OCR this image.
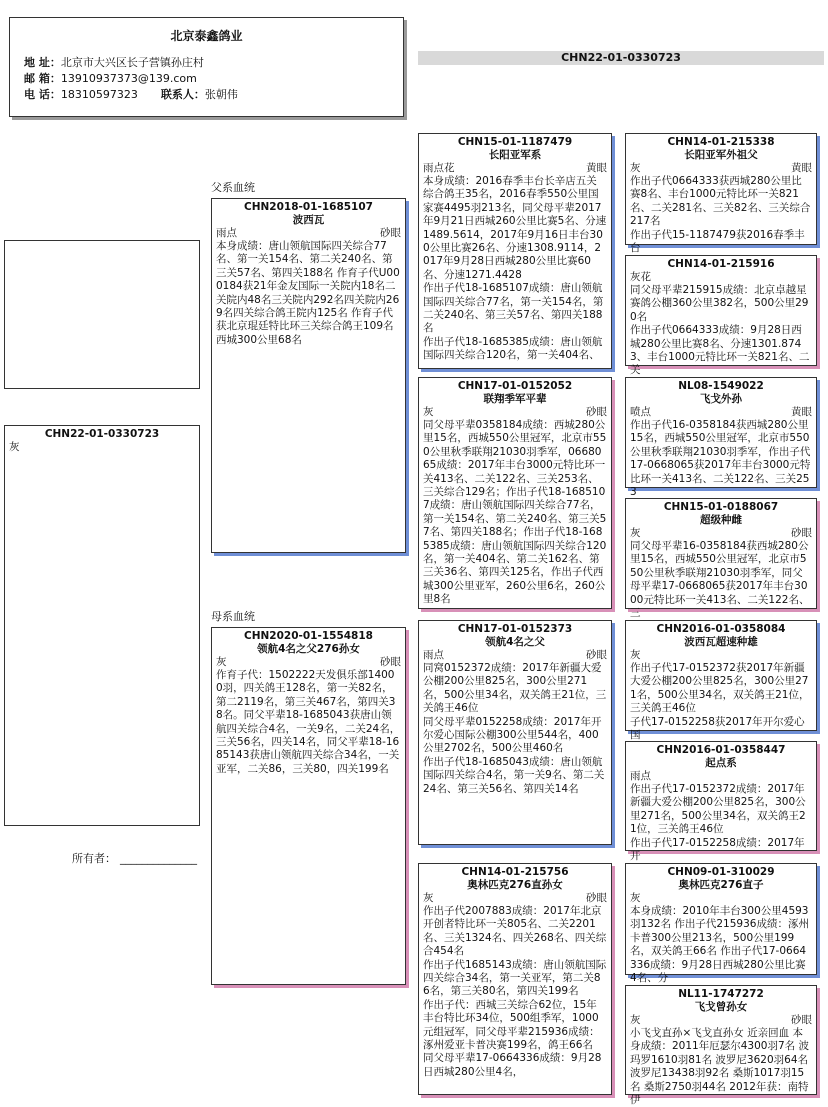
北京泰鑫鸽业
地 址：北京市大兴区长子营镇孙庄村
邮 箱：13910937373@139.com
电 话：18310597323 联系人：张朝伟
CHN22-01-0330723
CHN22-01-0330723
灰
所有者： ______________
父系血统
母系血统
CHN2018-01-1685107
波西瓦
雨点	砂眼
本身成绩：唐山领航国际四关综合77名、第一关154名、第二关240名、第三关57名、第四关188名 作育子代U000184获21年金友国际一关院内18名二关院内48名三关院内292名四关院内269名四关综合鸽王院内125名 作育子代获北京琨廷特比环三关综合鸽王109名 西城300公里68名
CHN2020-01-1554818
领航4名之父276孙女
灰	砂眼
作育子代：1502222天发俱乐部14000羽，四关鸽王128名，第一关82名，第二2119名，第三关467名，第四关38名。同父平辈18-1685043获唐山领航四关综合4名，一关9名，二关24名，三关56名，四关14名，同父平辈18-1685143获唐山领航四关综合34名，一关亚军，二关86，三关80，四关199名
CHN15-01-1187479
长阳亚军系
雨点花	黄眼
本身成绩：2016春季丰台长辛店五关综合鸽王35名，2016春季550公里国家赛4495羽213名，同父母平辈2017年9月21日西城260公里比赛5名、分速1489.5614，2017年9月16日丰台300公里比赛26名、分速1308.9114，2017年9月28日西城280公里比赛60名、分速1271.4428
作出子代18-1685107成绩：唐山领航国际四关综合77名，第一关154名，第二关240名、第三关57名、第四关188名
作出子代18-1685385成绩：唐山领航国际四关综合120名，第一关404名、
CHN17-01-0152052
联翔季军平辈
灰	砂眼
同父母平辈0358184成绩：西城280公里15名，西城550公里冠军，北京市550公里秋季联翔21030羽季军，0668065成绩：2017年丰台3000元特比环一关413名、二关122名、三关253名、三关综合129名；作出子代18-1685107成绩：唐山领航国际四关综合77名，第一关154名、第二关240名、第三关57名、第四关188名；作出子代18-1685385成绩：唐山领航国际四关综合120名，第一关404名、第二关162名、第三关36名、第四关125名，作出子代西城300公里亚军，260公里6名，260公里8名
CHN17-01-0152373
领航4名之父
雨点	砂眼
同窝0152372成绩：2017年新疆大爱公棚200公里825名，300公里271名，500公里34名，双关鸽王21位，三关鸽王46位
同父母平辈0152258成绩：2017年开尔爱心国际公棚300公里544名，400公里2702名，500公里460名
作出子代18-1685043成绩：唐山领航国际四关综合4名，第一关9名、第二关24名、第三关56名、第四关14名
CHN14-01-215756
奥林匹克276直孙女
灰	砂眼
作出子代2007883成绩：2017年北京开创者特比环一关805名、二关2201名、三关1324名、四关268名、四关综合454名
作出子代1685143成绩：唐山领航国际四关综合34名，第一关亚军，第二关86名，第三关80名，第四关199名
作出子代：西城三关综合62位，15年丰台特比环34位，500组季军，1000元组冠军，同父母平辈215936成绩：涿州爱亚卡普决赛199名，鸽王66名
同父母平辈17-0664336成绩：9月28日西城280公里4名，
CHN14-01-215338
长阳亚军外祖父
灰	黄眼
作出子代0664333获西城280公里比赛8名、丰台1000元特比环一关821名、二关281名、三关82名、三关综合217名
作出子代15-1187479获2016春季丰台
CHN14-01-215916
灰花
同父母平辈215915成绩：北京卓越星赛鸽公棚360公里382名，500公里290名
作出子代0664333成绩：9月28日西城280公里比赛8名、分速1301.8743、丰台1000元特比环一关821名、二关
NL08-1549022
飞戈外孙
喷点	黄眼
作出子代16-0358184获西城280公里15名，西城550公里冠军，北京市550公里秋季联翔21030羽季军，作出子代17-0668065获2017年丰台3000元特比环一关413名、二关122名、三关253
CHN15-01-0188067
超级种雌
灰	砂眼
同父母平辈16-0358184获西城280公里15名，西城550公里冠军，北京市550公里秋季联翔21030羽季军，同父母平辈17-0668065获2017年丰台3000元特比环一关413名、二关122名、三
CHN2016-01-0358084
波西瓦超速种雄
灰
作出子代17-0152372获2017年新疆大爱公棚200公里825名，300公里271名，500公里34名，双关鸽王21位，三关鸽王46位
子代17-0152258获2017年开尔爱心国
CHN2016-01-0358447
起点系
雨点
作出子代17-0152372成绩：2017年新疆大爱公棚200公里825名，300公里271名，500公里34名，双关鸽王21位，三关鸽王46位
作出子代17-0152258成绩：2017年开
CHN09-01-310029
奥林匹克276直子
灰
本身成绩：2010年丰台300公里4593羽132名 作出子代215936成绩：涿州卡普300公里213名，500公里199名，双关鸽王66名 作出子代17-0664336成绩：9月28日西城280公里比赛4名、分
NL11-1747272
飞戈曾孙女
灰	砂眼
小飞戈直孙×飞戈直孙女 近亲回血 本身成绩：2011年厄瑟尔4300羽7名 波玛罗1610羽81名 波罗尼3620羽64名 波罗尼13438羽92名 桑斯1017羽15名 桑斯2750羽44名 2012年获：南特伊
